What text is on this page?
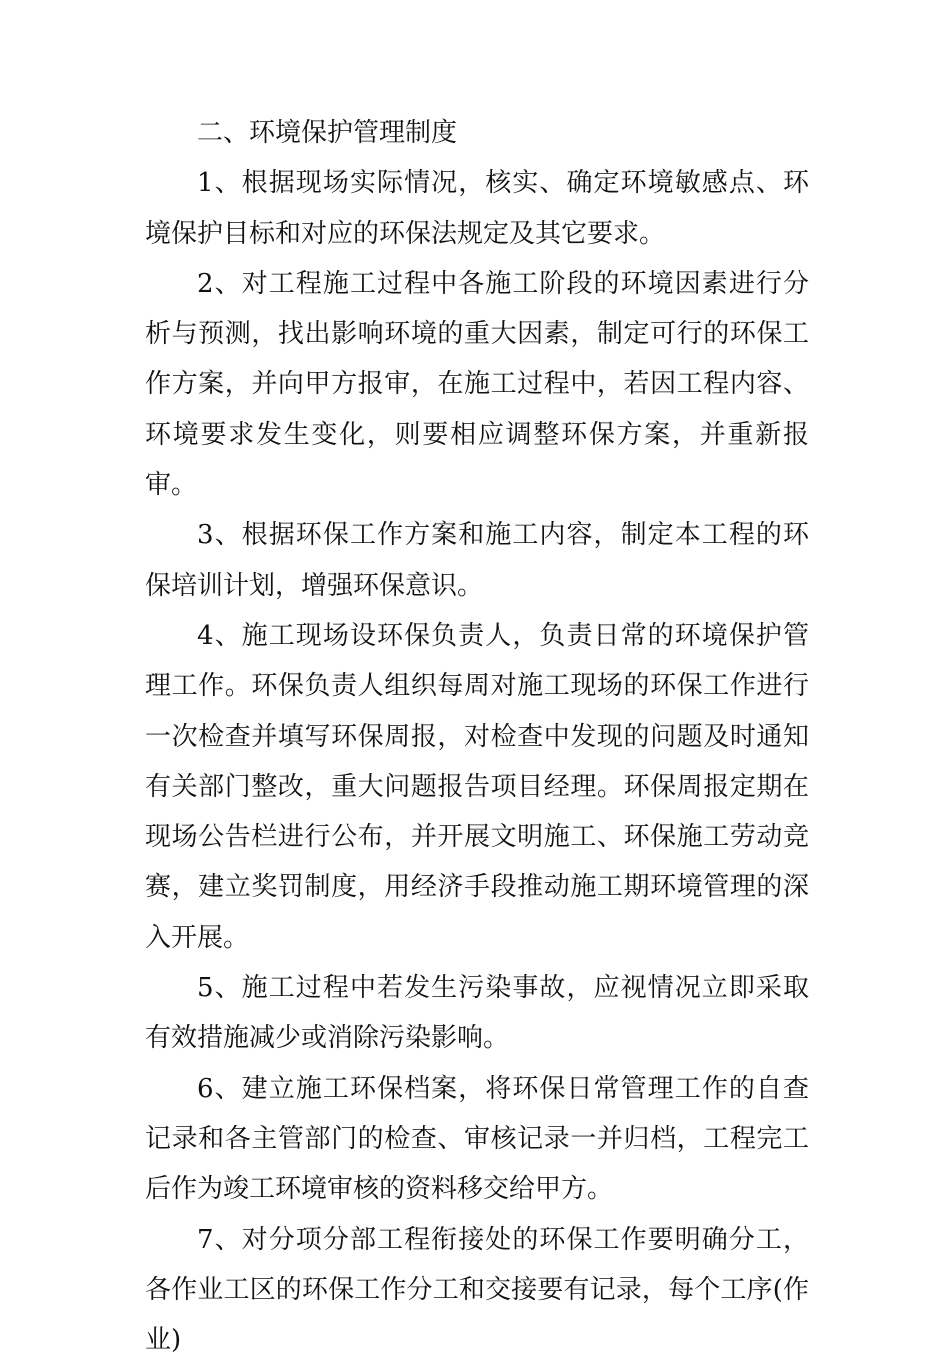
二、环境保护管理制度

1、根据现场实际情况，核实、确定环境敏感点、环境保护目标和对应的环保法规定及其它要求。

2、对工程施工过程中各施工阶段的环境因素进行分析与预测，找出影响环境的重大因素，制定可行的环保工作方案，并向甲方报审，在施工过程中，若因工程内容、环境要求发生变化，则要相应调整环保方案，并重新报审。

3、根据环保工作方案和施工内容，制定本工程的环保培训计划，增强环保意识。

4、施工现场设环保负责人，负责日常的环境保护管理工作。环保负责人组织每周对施工现场的环保工作进行一次检查并填写环保周报，对检查中发现的问题及时通知有关部门整改，重大问题报告项目经理。环保周报定期在现场公告栏进行公布，并开展文明施工、环保施工劳动竞赛，建立奖罚制度，用经济手段推动施工期环境管理的深入开展。

5、施工过程中若发生污染事故，应视情况立即采取有效措施减少或消除污染影响。

6、建立施工环保档案，将环保日常管理工作的自查记录和各主管部门的检查、审核记录一并归档，工程完工后作为竣工环境审核的资料移交给甲方。

7、对分项分部工程衔接处的环保工作要明确分工，各作业工区的环保工作分工和交接要有记录，每个工序(作业)
